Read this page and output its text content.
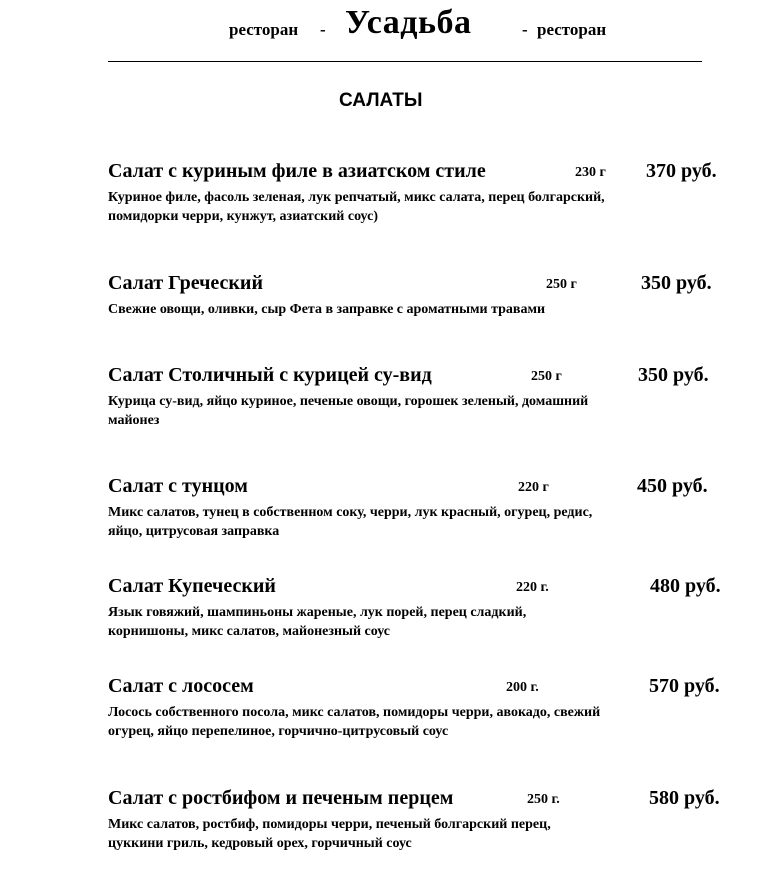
ресторан - Усадьба	- ресторан
САЛАТЫ
Салат с куриным филе в азиатском стиле	230 г 370 руб.
Куриное филе, фасоль зеленая, лук репчатый, микс салата, перец болгарский,
помидорки черри, кунжут, азиатский соус)
Салат Греческий	250 г	350 руб.
Свежие овощи, оливки, сыр Фета в заправке с ароматными травами
Салат Столичный с курицей су-вид	250 г	350 руб.
Курица су-вид, яйцо куриное, печеные овощи, горошек зеленый, домашний
майонез
Салат с тунцом	220 г	450 руб.
Микс салатов, тунец в собственном соку, черри, лук красный, огурец, редис,
яйцо, цитрусовая заправка
Салат Купеческий	220 г.	480 руб.
Язык говяжий, шампиньоны жареные, лук порей, перец сладкий,
корнишоны, микс салатов, майонезный соус
Салат с лососем	200 г.	570 руб.
Лосось собственного посола, микс салатов, помидоры черри, авокадо, свежий
огурец, яйцо перепелиное, горчично-цитрусовый соус
Салат с ростбифом и печеным перцем	250 г.	580 руб.
Микс салатов, ростбиф, помидоры черри, печеный болгарский перец,
цуккини гриль, кедровый орех, горчичный соус
